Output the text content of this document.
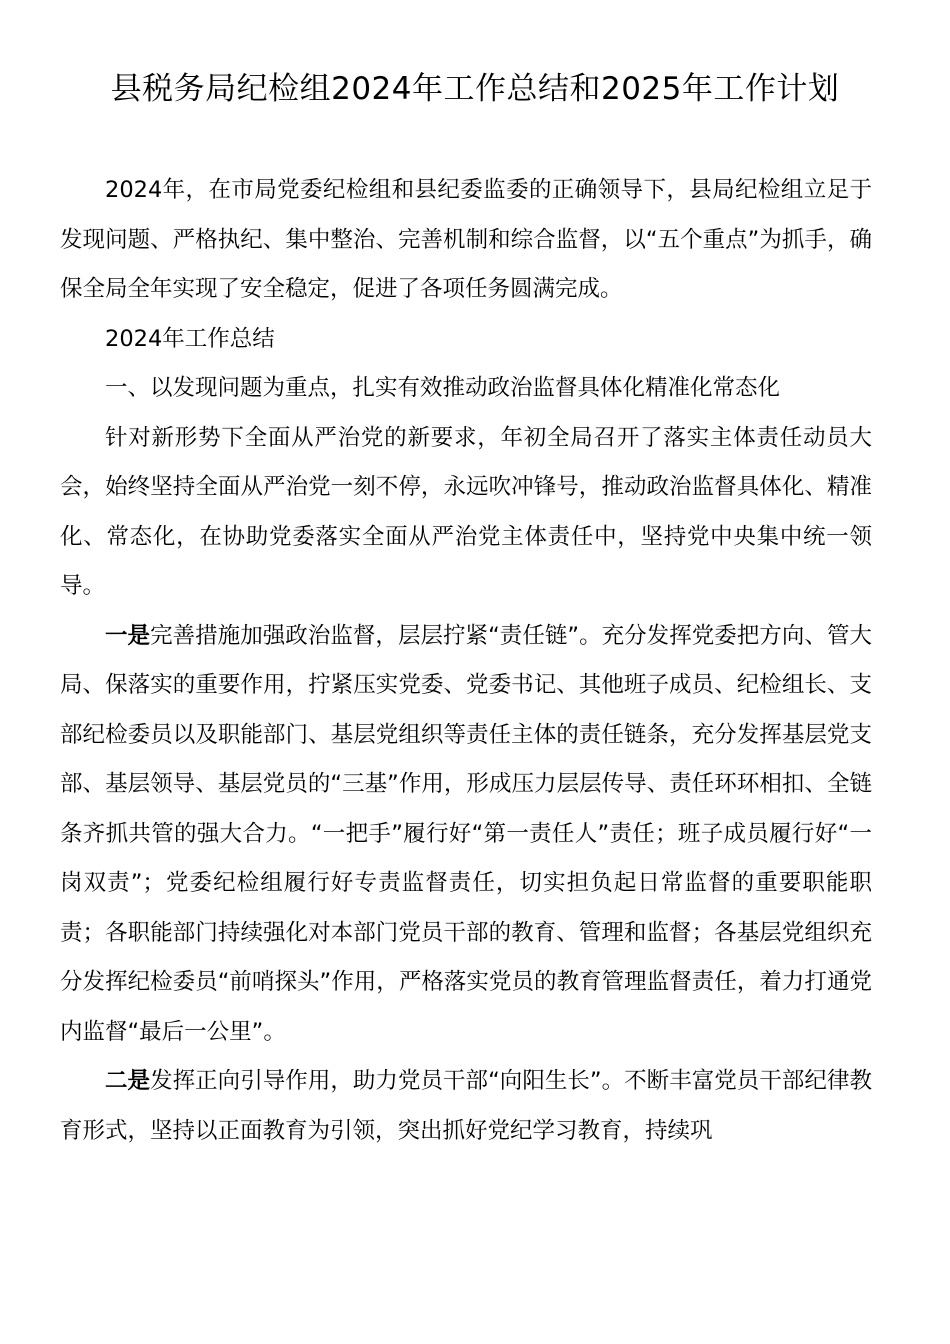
县税务局纪检组2024年工作总结和2025年工作计划

2024年，在市局党委纪检组和县纪委监委的正确领导下，县局纪检组立足于发现问题、严格执纪、集中整治、完善机制和综合监督，以“五个重点”为抓手，确保全局全年实现了安全稳定，促进了各项任务圆满完成。

2024年工作总结

一、以发现问题为重点，扎实有效推动政治监督具体化精准化常态化

针对新形势下全面从严治党的新要求，年初全局召开了落实主体责任动员大会，始终坚持全面从严治党一刻不停，永远吹冲锋号，推动政治监督具体化、精准化、常态化，在协助党委落实全面从严治党主体责任中，坚持党中央集中统一领导。

一是完善措施加强政治监督，层层拧紧“责任链”。充分发挥党委把方向、管大局、保落实的重要作用，拧紧压实党委、党委书记、其他班子成员、纪检组长、支部纪检委员以及职能部门、基层党组织等责任主体的责任链条，充分发挥基层党支部、基层领导、基层党员的“三基”作用，形成压力层层传导、责任环环相扣、全链条齐抓共管的强大合力。“一把手”履行好“第一责任人”责任；班子成员履行好“一岗双责”；党委纪检组履行好专责监督责任，切实担负起日常监督的重要职能职责；各职能部门持续强化对本部门党员干部的教育、管理和监督；各基层党组织充分发挥纪检委员“前哨探头”作用，严格落实党员的教育管理监督责任，着力打通党内监督“最后一公里”。

二是发挥正向引导作用，助力党员干部“向阳生长”。不断丰富党员干部纪律教育形式，坚持以正面教育为引领，突出抓好党纪学习教育，持续巩
